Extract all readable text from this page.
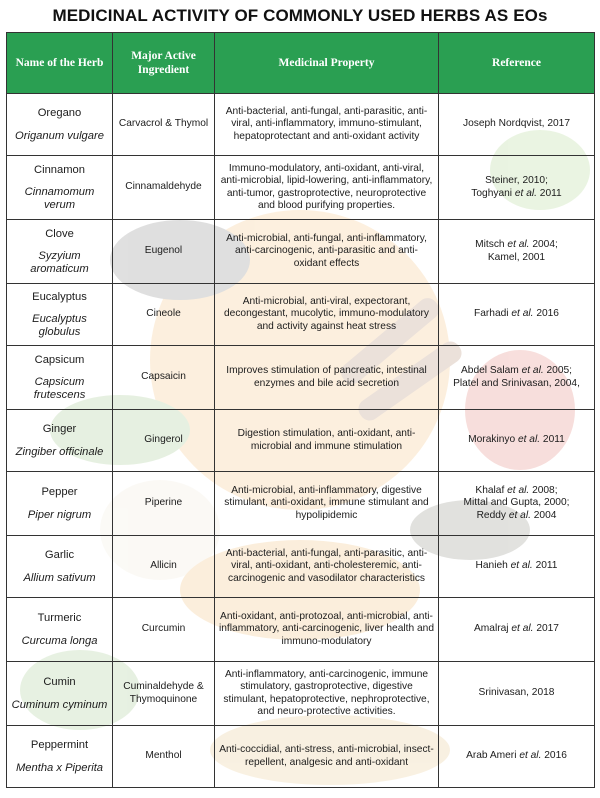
MEDICINAL ACTIVITY OF COMMONLY USED HERBS AS EOs
Name of the Herb	Major Active Ingredient	Medicinal Property	Reference

Oregano
Origanum vulgare	Carvacrol & Thymol	Anti-bacterial, anti-fungal, anti-parasitic, anti-viral, anti-inflammatory, immuno-stimulant, hepatoprotectant and anti-oxidant activity	Joseph Nordqvist, 2017

Cinnamon
Cinnamomum verum	Cinnamaldehyde	Immuno-modulatory, anti-oxidant, anti-viral, anti-microbial, lipid-lowering, anti-inflammatory, anti-tumor, gastroprotective, neuroprotective and blood purifying properties.	Steiner, 2010;
Toghyani et al. 2011

Clove
Syzyium aromaticum	Eugenol	Anti-microbial, anti-fungal, anti-inflammatory, anti-carcinogenic, anti-parasitic and anti-oxidant effects	Mitsch et al. 2004;
Kamel, 2001

Eucalyptus
Eucalyptus globulus	Cineole	Anti-microbial, anti-viral, expectorant, decongestant, mucolytic, immuno-modulatory and activity against heat stress	Farhadi et al. 2016

Capsicum
Capsicum frutescens	Capsaicin	Improves stimulation of pancreatic, intestinal enzymes and bile acid secretion	Abdel Salam et al. 2005;
Platel and Srinivasan, 2004,

Ginger
Zingiber officinale	Gingerol	Digestion stimulation, anti-oxidant, anti-microbial and immune stimulation	Morakinyo et al. 2011

Pepper
Piper nigrum	Piperine	Anti-microbial, anti-inflammatory, digestive stimulant, anti-oxidant, immune stimulant and hypolipidemic	Khalaf et al. 2008;
Mittal and Gupta, 2000;
Reddy et al. 2004

Garlic
Allium sativum	Allicin	Anti-bacterial, anti-fungal, anti-parasitic, anti-viral, anti-oxidant, anti-cholesteremic, anti-carcinogenic and vasodilator characteristics	Hanieh et al. 2011

Turmeric
Curcuma longa	Curcumin	Anti-oxidant, anti-protozoal, anti-microbial, anti-inflammatory, anti-carcinogenic, liver health and immuno-modulatory	Amalraj et al. 2017

Cumin
Cuminum cyminum	Cuminaldehyde & Thymoquinone	Anti-inflammatory, anti-carcinogenic, immune stimulatory, gastroprotective, digestive stimulant, hepatoprotective, nephroprotective, and neuro-protective activities.	Srinivasan, 2018

Peppermint
Mentha x Piperita	Menthol	Anti-coccidial, anti-stress, anti-microbial, insect-repellent, analgesic and anti-oxidant	Arab Ameri et al. 2016
